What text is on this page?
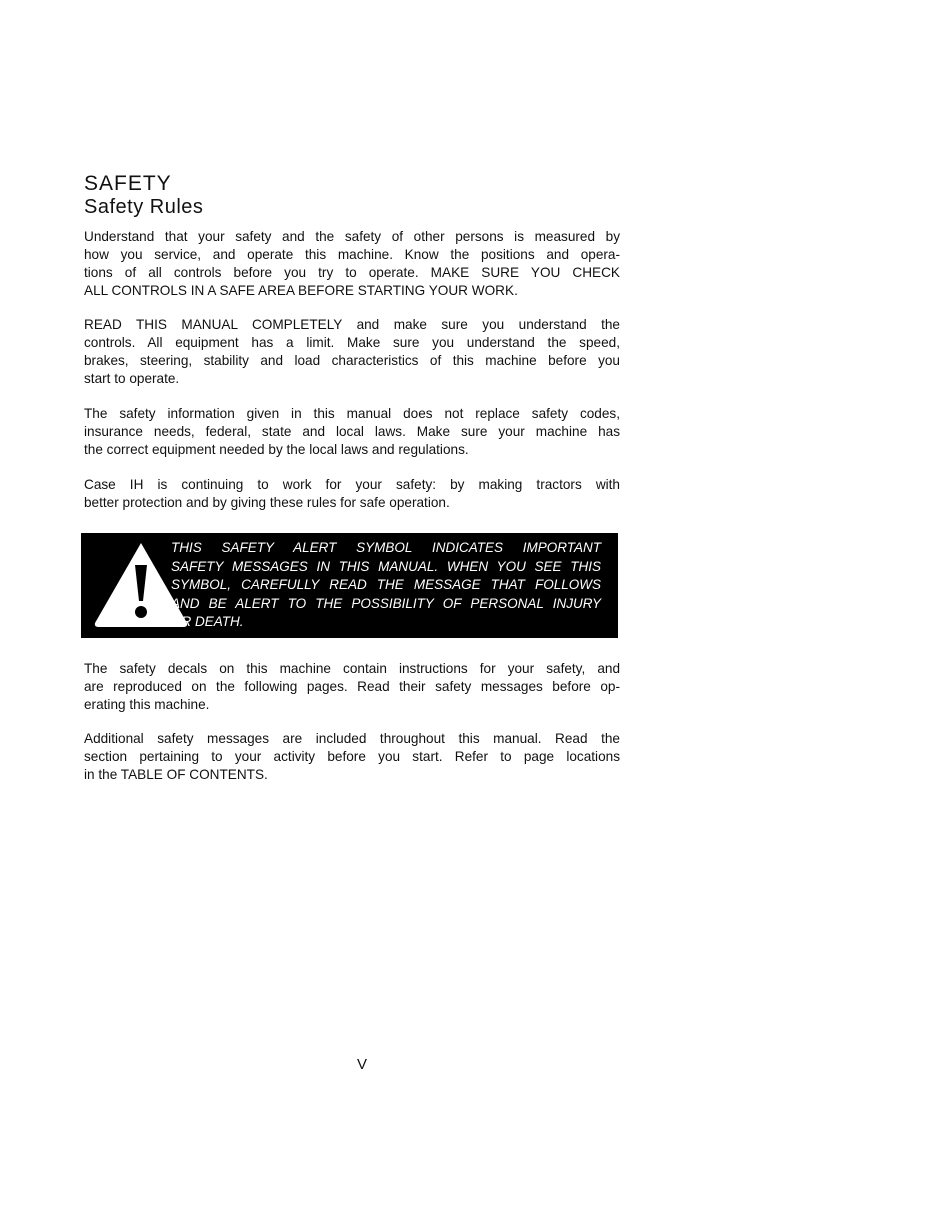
SAFETY
Safety Rules
Understand that your safety and the safety of other persons is measured by
how you service, and operate this machine. Know the positions and opera-
tions of all controls before you try to operate. MAKE SURE YOU CHECK
ALL CONTROLS IN A SAFE AREA BEFORE STARTING YOUR WORK.
READ THIS MANUAL COMPLETELY and make sure you understand the
controls. All equipment has a limit. Make sure you understand the speed,
brakes, steering, stability and load characteristics of this machine before you
start to operate.
The safety information given in this manual does not replace safety codes,
insurance needs, federal, state and local laws. Make sure your machine has
the correct equipment needed by the local laws and regulations.
Case IH is continuing to work for your safety: by making tractors with
better protection and by giving these rules for safe operation.
THIS SAFETY ALERT SYMBOL INDICATES IMPORTANT
SAFETY MESSAGES IN THIS MANUAL. WHEN YOU SEE THIS
SYMBOL, CAREFULLY READ THE MESSAGE THAT FOLLOWS
AND BE ALERT TO THE POSSIBILITY OF PERSONAL INJURY
OR DEATH.
The safety decals on this machine contain instructions for your safety, and
are reproduced on the following pages. Read their safety messages before op-
erating this machine.
Additional safety messages are included throughout this manual. Read the
section pertaining to your activity before you start. Refer to page locations
in the TABLE OF CONTENTS.
V
